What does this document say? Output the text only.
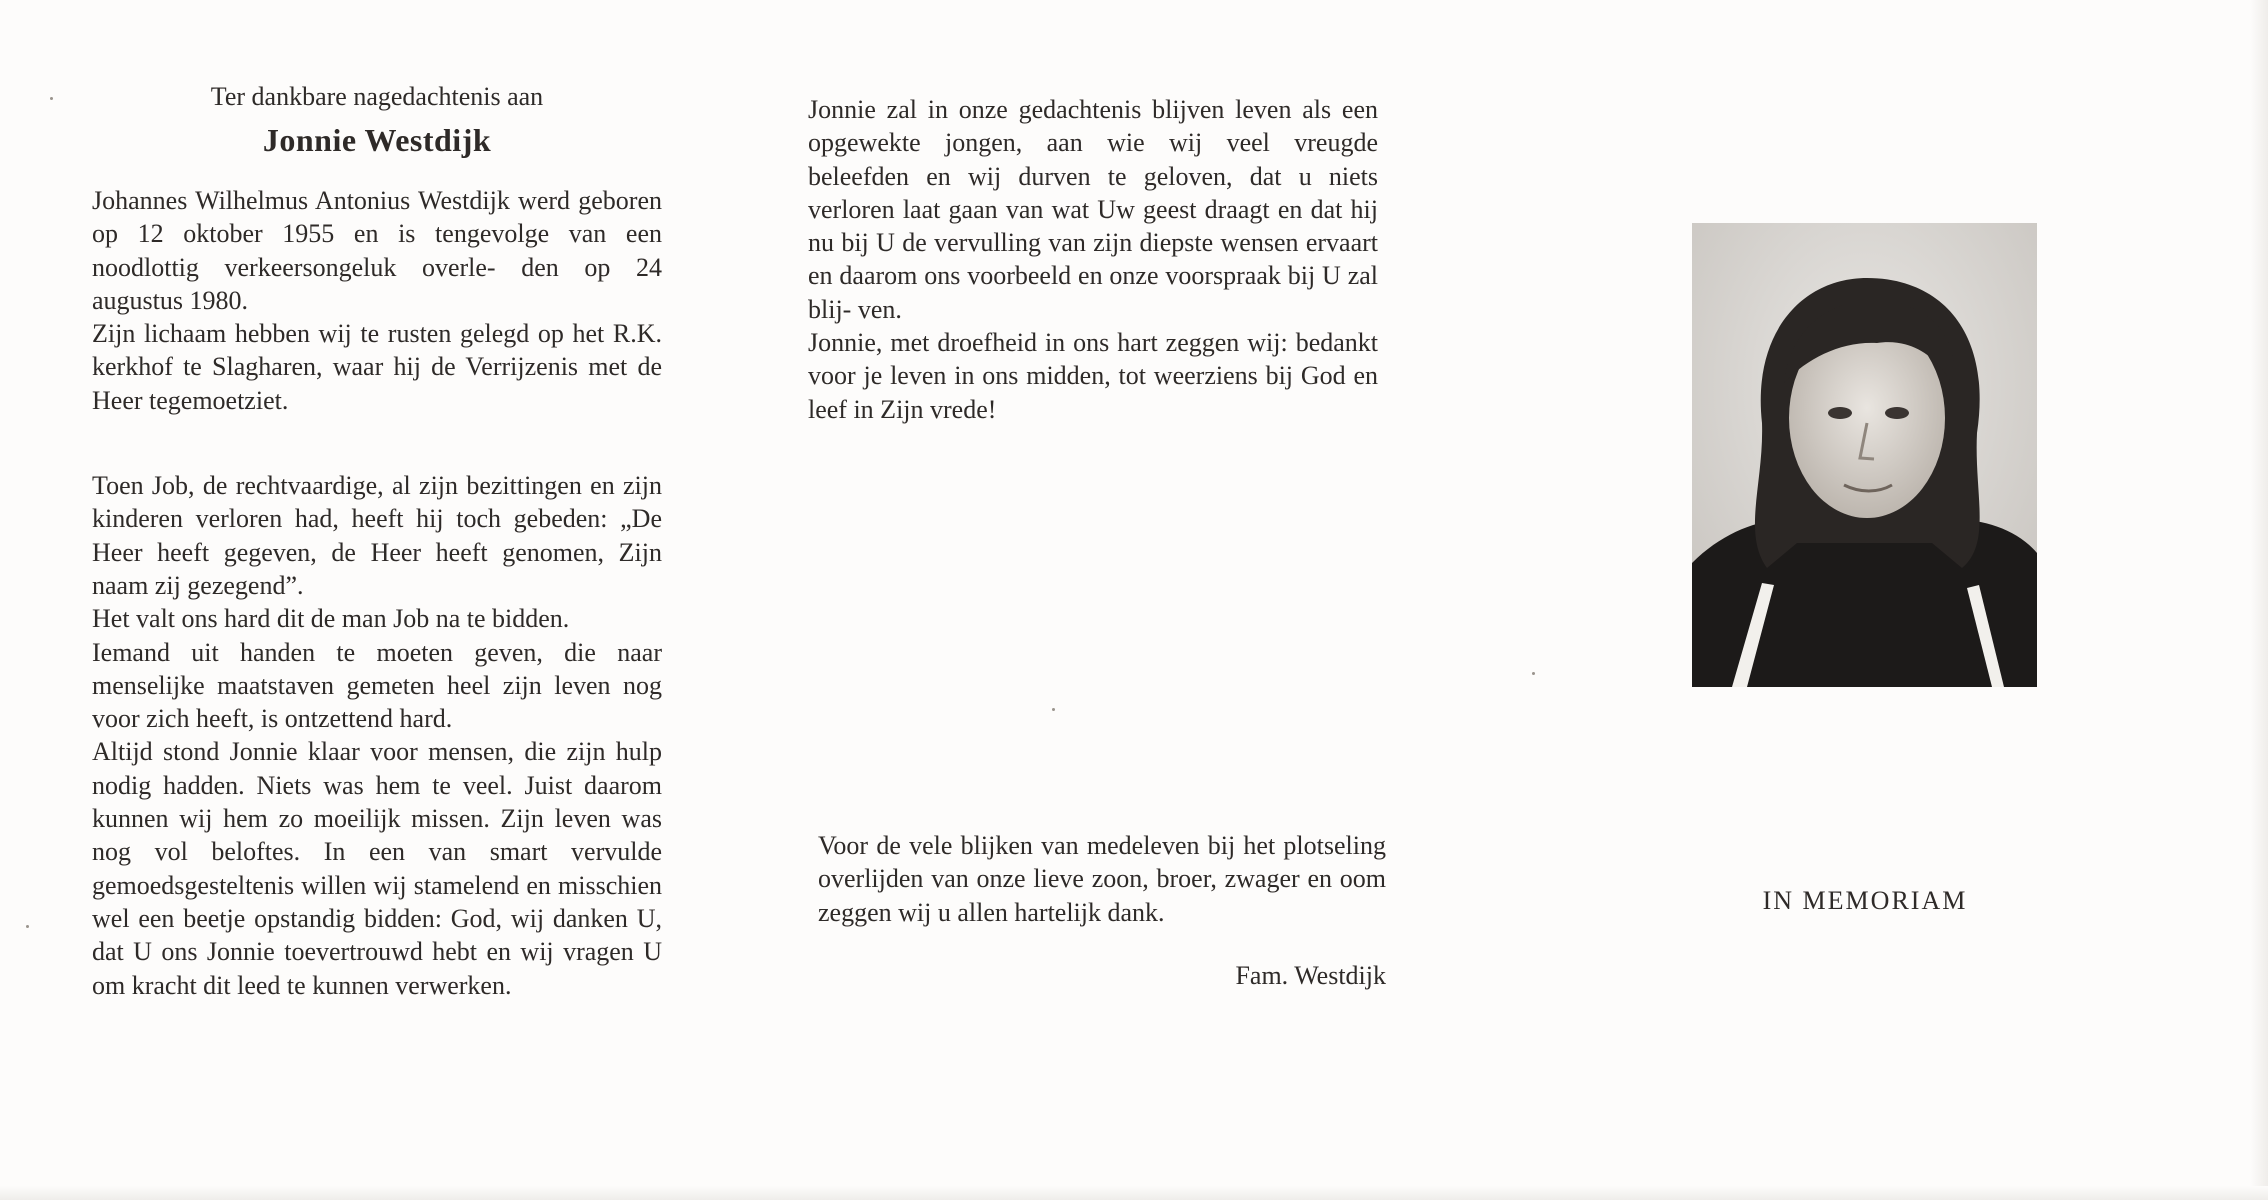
Ter dankbare nagedachtenis aan
Jonnie Westdijk

Johannes Wilhelmus Antonius Westdijk werd geboren op 12 oktober 1955 en is tengevolge van een noodlottig verkeersongeluk overle- den op 24 augustus 1980.

Zijn lichaam hebben wij te rusten gelegd op het R.K. kerkhof te Slagharen, waar hij de Verrijzenis met de Heer tegemoetziet.

Toen Job, de rechtvaardige, al zijn bezittingen en zijn kinderen verloren had, heeft hij toch gebeden: „De Heer heeft gegeven, de Heer heeft genomen, Zijn naam zij gezegend”.

Het valt ons hard dit de man Job na te bidden.

Iemand uit handen te moeten geven, die naar menselijke maatstaven gemeten heel zijn leven nog voor zich heeft, is ontzettend hard.

Altijd stond Jonnie klaar voor mensen, die zijn hulp nodig hadden. Niets was hem te veel. Juist daarom kunnen wij hem zo moeilijk missen. Zijn leven was nog vol beloftes. In een van smart vervulde gemoedsgesteltenis willen wij stamelend en misschien wel een beetje opstandig bidden: God, wij danken U, dat U ons Jonnie toevertrouwd hebt en wij vragen U om kracht dit leed te kunnen verwerken.

Jonnie zal in onze gedachtenis blijven leven als een opgewekte jongen, aan wie wij veel vreugde beleefden en wij durven te geloven, dat u niets verloren laat gaan van wat Uw geest draagt en dat hij nu bij U de vervulling van zijn diepste wensen ervaart en daarom ons voorbeeld en onze voorspraak bij U zal blij- ven.

Jonnie, met droefheid in ons hart zeggen wij: bedankt voor je leven in ons midden, tot weerziens bij God en leef in Zijn vrede!

Voor de vele blijken van medeleven bij het plotseling overlijden van onze lieve zoon, broer, zwager en oom zeggen wij u allen hartelijk dank.

Fam. Westdijk

IN MEMORIAM
